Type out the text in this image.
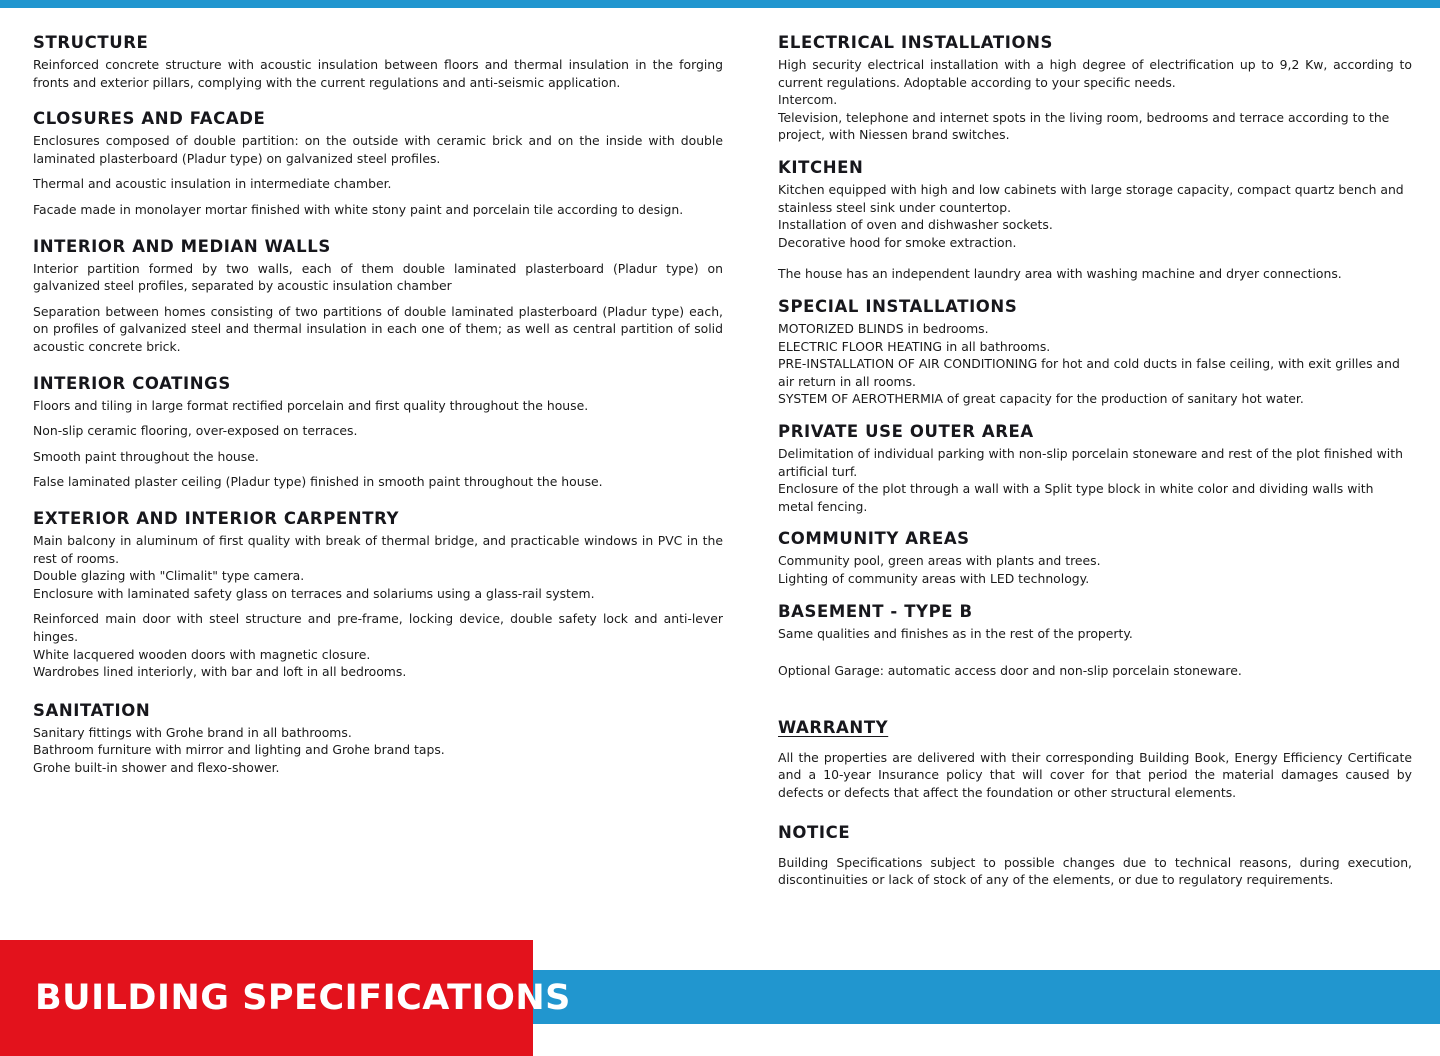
STRUCTURE

Reinforced concrete structure with acoustic insulation between floors and thermal insulation in the forging fronts and exterior pillars, complying with the current regulations and anti-seismic application.

CLOSURES AND FACADE

Enclosures composed of double partition: on the outside with ceramic brick and on the inside with double laminated plasterboard (Pladur type) on galvanized steel profiles.

Thermal and acoustic insulation in intermediate chamber.

Facade made in monolayer mortar finished with white stony paint and porcelain tile according to design.

INTERIOR AND MEDIAN WALLS

Interior partition formed by two walls, each of them double laminated plasterboard (Pladur type) on galvanized steel profiles, separated by acoustic insulation chamber

Separation between homes consisting of two partitions of double laminated plasterboard (Pladur type) each, on profiles of galvanized steel and thermal insulation in each one of them; as well as central partition of solid acoustic concrete brick.

INTERIOR COATINGS

Floors and tiling in large format rectified porcelain and first quality throughout the house.

Non-slip ceramic flooring, over-exposed on terraces.

Smooth paint throughout the house.

False laminated plaster ceiling (Pladur type) finished in smooth paint throughout the house.

EXTERIOR AND INTERIOR CARPENTRY

Main balcony in aluminum of first quality with break of thermal bridge, and practicable windows in PVC in the rest of rooms.

Double glazing with "Climalit" type camera.

Enclosure with laminated safety glass on terraces and solariums using a glass-rail system.

Reinforced main door with steel structure and pre-frame, locking device, double safety lock and anti-lever hinges.

White lacquered wooden doors with magnetic closure.

Wardrobes lined interiorly, with bar and loft in all bedrooms.

SANITATION

Sanitary fittings with Grohe brand in all bathrooms.

Bathroom furniture with mirror and lighting and Grohe brand taps.

Grohe built-in shower and flexo-shower.

ELECTRICAL INSTALLATIONS

High security electrical installation with a high degree of electrification up to 9,2 Kw, according to current regulations. Adoptable according to your specific needs.

Intercom.

Television, telephone and internet spots in the living room, bedrooms and terrace according to the project, with Niessen brand switches.

KITCHEN

Kitchen equipped with high and low cabinets with large storage capacity, compact quartz bench and stainless steel sink under countertop.

Installation of oven and dishwasher sockets.

Decorative hood for smoke extraction.

The house has an independent laundry area with washing machine and dryer connections.

SPECIAL INSTALLATIONS

MOTORIZED BLINDS in bedrooms.

ELECTRIC FLOOR HEATING in all bathrooms.

PRE-INSTALLATION OF AIR CONDITIONING for hot and cold ducts in false ceiling, with exit grilles and air return in all rooms.

SYSTEM OF AEROTHERMIA of great capacity for the production of sanitary hot water.

PRIVATE USE OUTER AREA

Delimitation of individual parking with non-slip porcelain stoneware and rest of the plot finished with artificial turf.

Enclosure of the plot through a wall with a Split type block in white color and dividing walls with metal fencing.

COMMUNITY AREAS

Community pool, green areas with plants and trees.

Lighting of community areas with LED technology.

BASEMENT - TYPE B

Same qualities and finishes as in the rest of the property.

Optional Garage: automatic access door and non-slip porcelain stoneware.

WARRANTY

All the properties are delivered with their corresponding Building Book, Energy Efficiency Certificate and a 10-year Insurance policy that will cover for that period the material damages caused by defects or defects that affect the foundation or other structural elements.

NOTICE

Building Specifications subject to possible changes due to technical reasons, during execution, discontinuities or lack of stock of any of the elements, or due to regulatory requirements.

BUILDING SPECIFICATIONS
